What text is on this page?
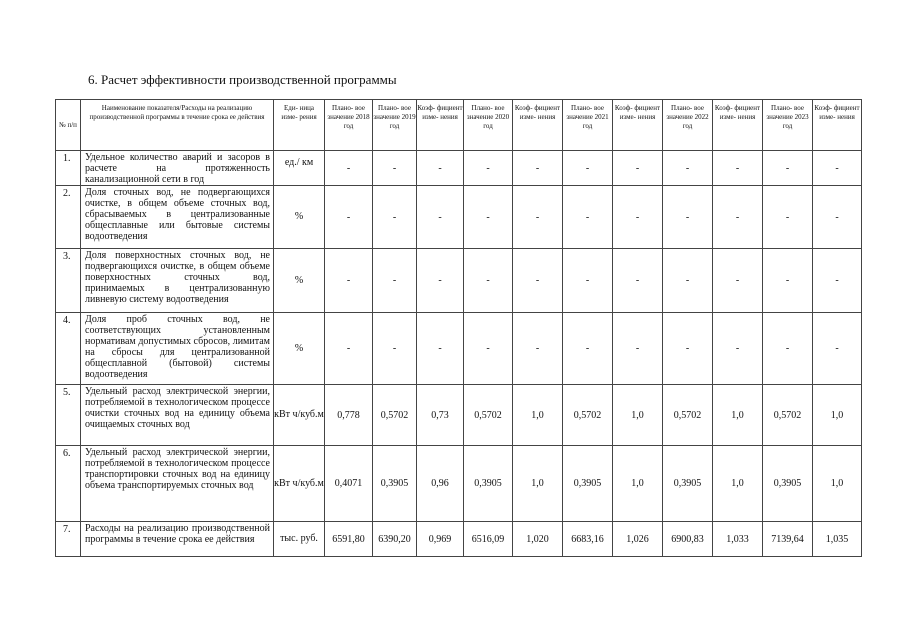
6. Расчет эффективности производственной программы
№ п/п	Наименование показателя/Расходы на реализацию производственной программы в течение срока ее действия	Еди- ница изме- рения	Плано- вое значение 2018 год	Плано- вое значение 2019 год	Коэф- фициент изме- нения	Плано- вое значение 2020 год	Коэф- фициент изме- нения	Плано- вое значение 2021 год	Коэф- фициент изме- нения	Плано- вое значение 2022 год	Коэф- фициент изме- нения	Плано- вое значение 2023 год	Коэф- фициент изме- нения
1.	Удельное количество аварий и засоров в расчете на протяженность канализационной сети в год	ед./ км	-	-	-	-	-	-	-	-	-	-	-
2.	Доля сточных вод, не подвергающихся очистке, в общем объеме сточных вод, сбрасываемых в централизованные общесплавные или бытовые системы водоотведения	%	-	-	-	-	-	-	-	-	-	-	-
3.	Доля поверхностных сточных вод, не подвергающихся очистке, в общем объеме поверхностных сточных вод, принимаемых в централизованную ливневую систему водоотведения	%	-	-	-	-	-	-	-	-	-	-	-
4.	Доля проб сточных вод, не соответствующих установленным нормативам допустимых сбросов, лимитам на сбросы для централизованной общесплавной (бытовой) системы водоотведения	%	-	-	-	-	-	-	-	-	-	-	-
5.	Удельный расход электрической энергии, потребляемой в технологическом процессе очистки сточных вод на единицу объема очищаемых сточных вод	кВт ч/куб.м	0,778	0,5702	0,73	0,5702	1,0	0,5702	1,0	0,5702	1,0	0,5702	1,0
6.	Удельный расход электрической энергии, потребляемой в технологическом процессе транспортировки сточных вод на единицу объема транспортируемых сточных вод	кВт ч/куб.м	0,4071	0,3905	0,96	0,3905	1,0	0,3905	1,0	0,3905	1,0	0,3905	1,0
7.	Расходы на реализацию производственной программы в течение срока ее действия	тыс. руб.	6591,80	6390,20	0,969	6516,09	1,020	6683,16	1,026	6900,83	1,033	7139,64	1,035
